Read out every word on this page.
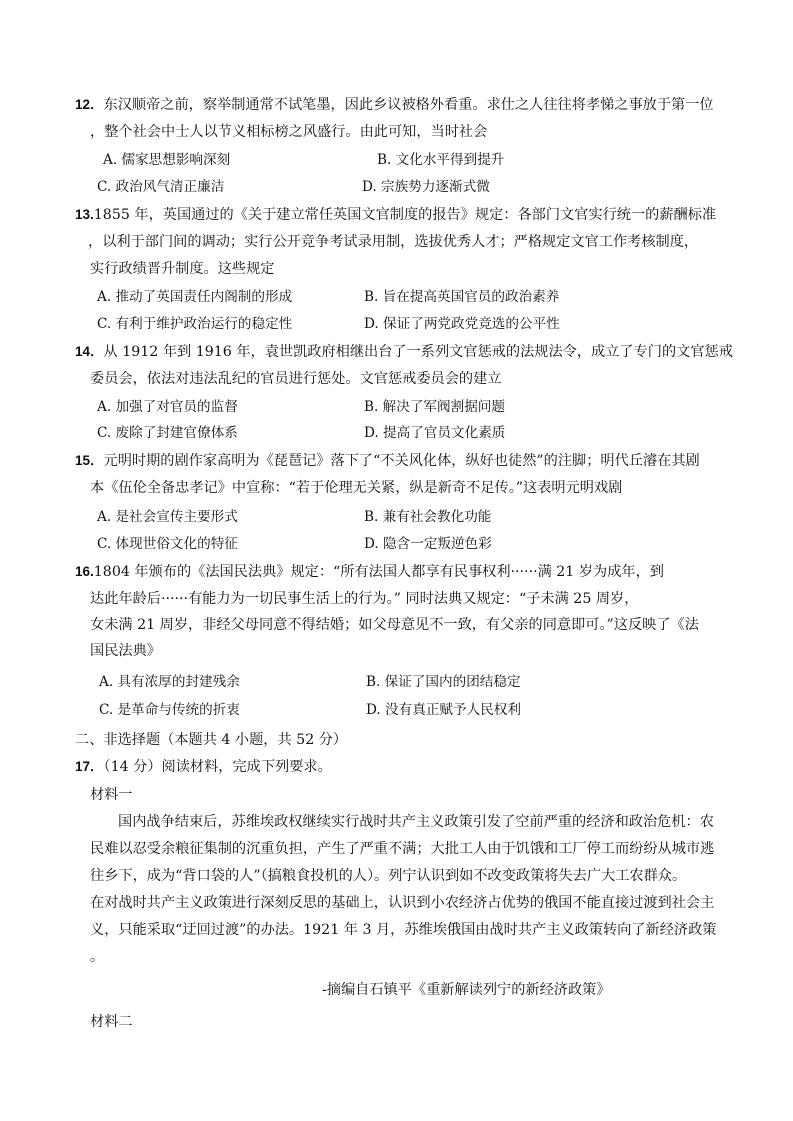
12．东汉顺帝之前，察举制通常不试笔墨，因此乡议被格外看重。求仕之人往往将孝悌之事放于第一位
，整个社会中士人以节义相标榜之风盛行。由此可知，当时社会
A. 儒家思想影响深刻	B. 文化水平得到提升
C. 政治风气清正廉洁	D. 宗族势力逐渐式微
13.1855 年，英国通过的《关于建立常任英国文官制度的报告》规定：各部门文官实行统一的薪酬标准
，以利于部门间的调动；实行公开竞争考试录用制，选拔优秀人才；严格规定文官工作考核制度，
实行政绩晋升制度。这些规定
A. 推动了英国责任内阁制的形成	B. 旨在提高英国官员的政治素养
C. 有利于维护政治运行的稳定性	D. 保证了两党政党竞选的公平性
14．从 1912 年到 1916 年，袁世凯政府相继出台了一系列文官惩戒的法规法令，成立了专门的文官惩戒
委员会，依法对违法乱纪的官员进行惩处。文官惩戒委员会的建立
A. 加强了对官员的监督	B. 解决了军阀割据问题
C. 废除了封建官僚体系	D. 提高了官员文化素质
15．元明时期的剧作家高明为《琵琶记》落下了“不关风化体，纵好也徒然”的注脚；明代丘濬在其剧
本《伍伦全备忠孝记》中宣称：“若于伦理无关紧，纵是新奇不足传。”这表明元明戏剧
A. 是社会宣传主要形式	B. 兼有社会教化功能
C. 体现世俗文化的特征	D. 隐含一定叛逆色彩
16.1804 年颁布的《法国民法典》规定：“所有法国人都享有民事权利······满 21 岁为成年，到
达此年龄后······有能力为一切民事生活上的行为。” 同时法典又规定：“子未满 25 周岁，
女未满 21 周岁，非经父母同意不得结婚；如父母意见不一致，有父亲的同意即可。”这反映了《法
国民法典》
A. 具有浓厚的封建残余	B. 保证了国内的团结稳定
C. 是革命与传统的折衷	D. 没有真正赋予人民权利
二、非选择题（本题共 4 小题，共 52 分）
17．（14 分）阅读材料，完成下列要求。
材料一
国内战争结束后，苏维埃政权继续实行战时共产主义政策引发了空前严重的经济和政治危机：农
民难以忍受余粮征集制的沉重负担，产生了严重不满；大批工人由于饥饿和工厂停工而纷纷从城市逃
往乡下，成为“背口袋的人”（搞粮食投机的人）。列宁认识到如不改变政策将失去广大工农群众。
在对战时共产主义政策进行深刻反思的基础上，认识到小农经济占优势的俄国不能直接过渡到社会主
义，只能采取“迂回过渡”的办法。1921 年 3 月，苏维埃俄国由战时共产主义政策转向了新经济政策
。
-摘编自石镇平《重新解读列宁的新经济政策》
材料二
